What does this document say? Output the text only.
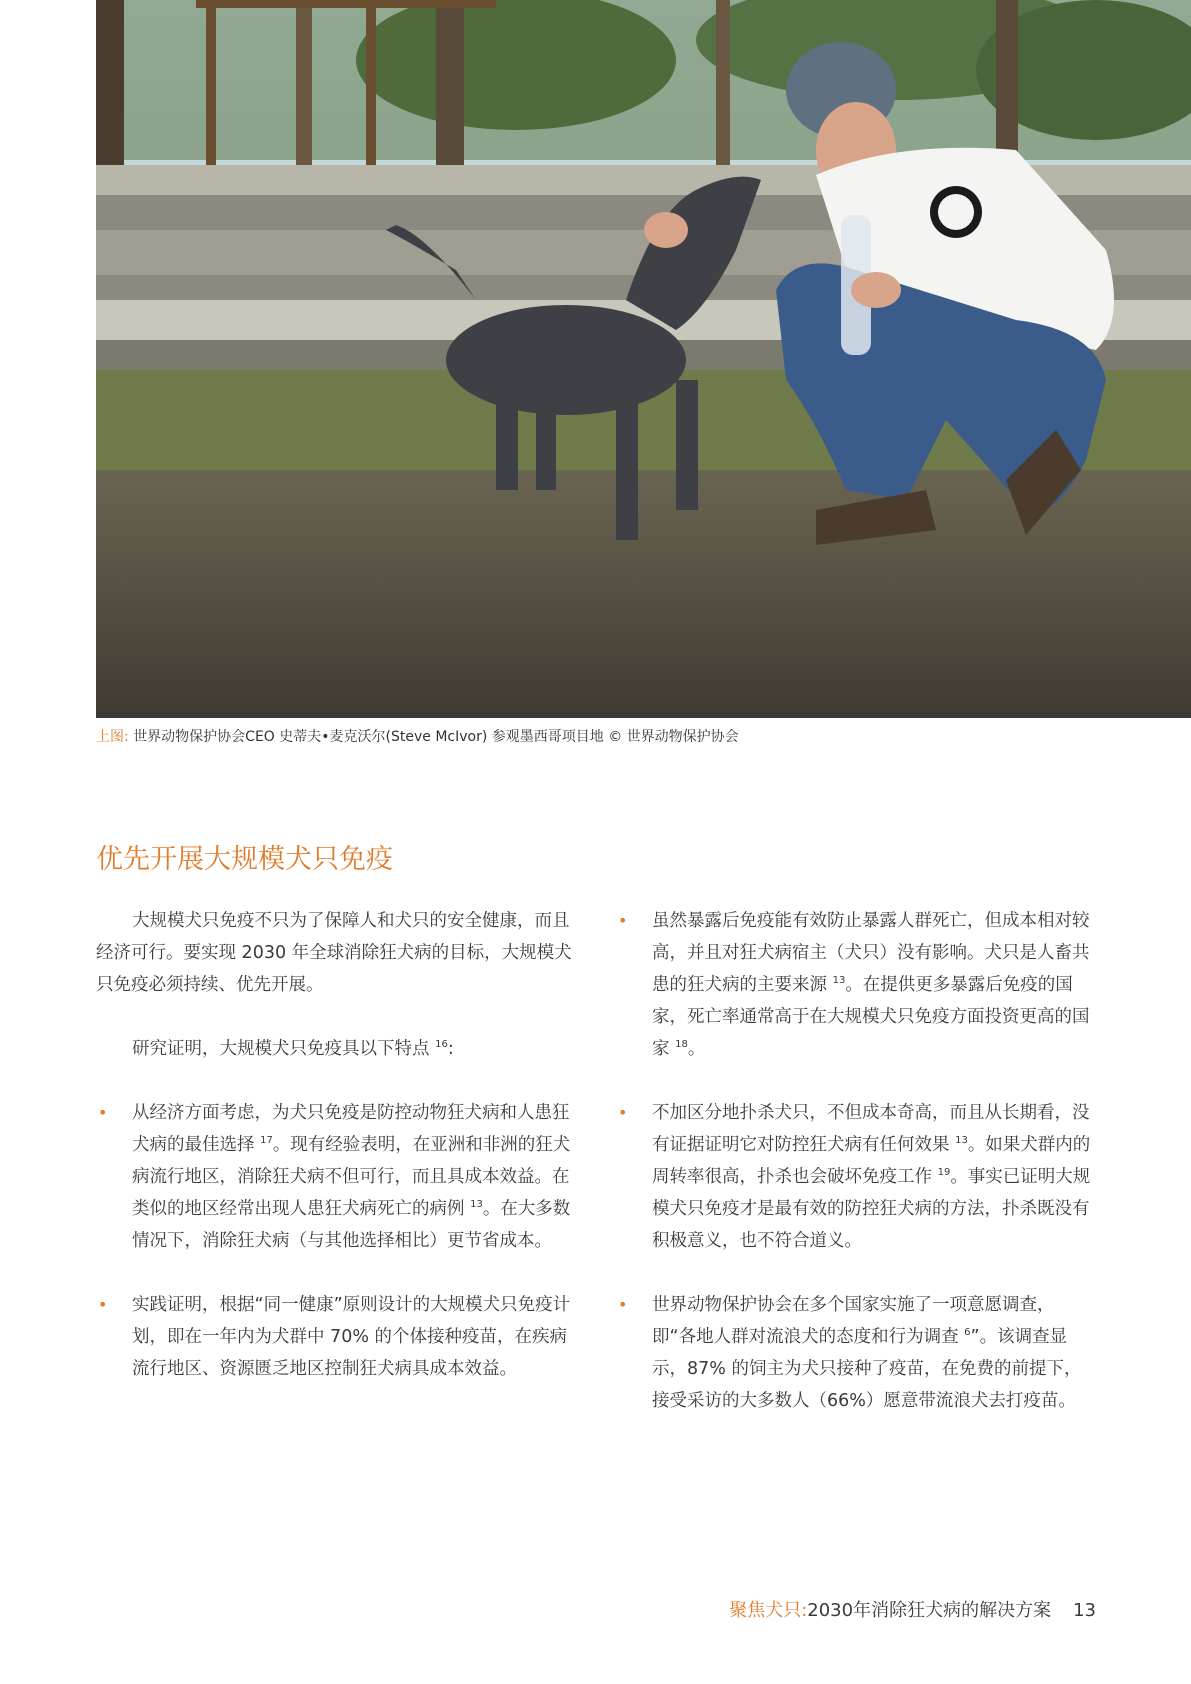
上图: 世界动物保护协会CEO 史蒂夫•麦克沃尔(Steve McIvor) 参观墨西哥项目地 © 世界动物保护协会
优先开展大规模犬只免疫

大规模犬只免疫不只为了保障人和犬只的安全健康，而且经济可行。要实现 2030 年全球消除狂犬病的目标，大规模犬只免疫必须持续、优先开展。

研究证明，大规模犬只免疫具以下特点 $^{16}$:

• 从经济方面考虑，为犬只免疫是防控动物狂犬病和人患狂犬病的最佳选择 $^{17}$。现有经验表明，在亚洲和非洲的狂犬病流行地区，消除狂犬病不但可行，而且具成本效益。在类似的地区经常出现人患狂犬病死亡的病例 $^{13}$。在大多数情况下，消除狂犬病（与其他选择相比）更节省成本。

• 实践证明，根据“同一健康”原则设计的大规模犬只免疫计划，即在一年内为犬群中 70% 的个体接种疫苗，在疾病流行地区、资源匮乏地区控制狂犬病具成本效益。

• 虽然暴露后免疫能有效防止暴露人群死亡，但成本相对较高，并且对狂犬病宿主（犬只）没有影响。犬只是人畜共患的狂犬病的主要来源 $^{13}$。在提供更多暴露后免疫的国家，死亡率通常高于在大规模犬只免疫方面投资更高的国家 $^{18}$。

• 不加区分地扑杀犬只，不但成本奇高，而且从长期看，没有证据证明它对防控狂犬病有任何效果 $^{13}$。如果犬群内的周转率很高，扑杀也会破坏免疫工作 $^{19}$。事实已证明大规模犬只免疫才是最有效的防控狂犬病的方法，扑杀既没有积极意义，也不符合道义。

• 世界动物保护协会在多个国家实施了一项意愿调查，即“各地人群对流浪犬的态度和行为调查 $^6$”。该调查显示，87% 的饲主为犬只接种了疫苗，在免费的前提下，接受采访的大多数人（66%）愿意带流浪犬去打疫苗。

聚焦犬只:2030年消除狂犬病的解决方案 13
